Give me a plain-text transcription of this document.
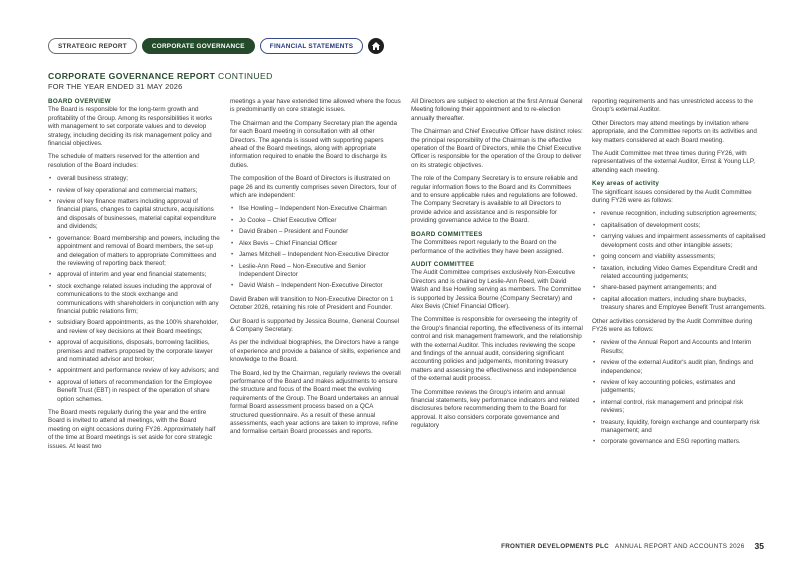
STRATEGIC REPORT	CORPORATE GOVERNANCE	FINANCIAL STATEMENTS
CORPORATE GOVERNANCE REPORT CONTINUED
FOR THE YEAR ENDED 31 MAY 2026
BOARD OVERVIEW

The Board is responsible for the long-term growth and profitability of the Group. Among its responsibilities it works with management to set corporate values and to develop strategy, including deciding its risk management policy and financial objectives.

The schedule of matters reserved for the attention and resolution of the Board includes:

• overall business strategy;
• review of key operational and commercial matters;
• review of key finance matters including approval of financial plans, changes to capital structure, acquisitions and disposals of businesses, material capital expenditure and dividends;
• governance: Board membership and powers, including the appointment and removal of Board members, the set-up and delegation of matters to appropriate Committees and the reviewing of reporting back thereof;
• approval of interim and year end financial statements;
• stock exchange related issues including the approval of communications to the stock exchange and communications with shareholders in conjunction with any financial public relations firm;
• subsidiary Board appointments, as the 100% shareholder, and review of key decisions at their Board meetings;
• approval of acquisitions, disposals, borrowing facilities, premises and matters proposed by the corporate lawyer and nominated advisor and broker;
• appointment and performance review of key advisors; and
• approval of letters of recommendation for the Employee Benefit Trust (EBT) in respect of the operation of share option schemes.

The Board meets regularly during the year and the entire Board is invited to attend all meetings, with the Board meeting on eight occasions during FY26. Approximately half of the time at Board meetings is set aside for core strategic issues. At least two

meetings a year have extended time allowed where the focus is predominantly on core strategic issues.

The Chairman and the Company Secretary plan the agenda for each Board meeting in consultation with all other Directors. The agenda is issued with supporting papers ahead of the Board meetings, along with appropriate information required to enable the Board to discharge its duties.

The composition of the Board of Directors is illustrated on page 26 and its currently comprises seven Directors, four of which are independent:

• Ilse Howling – Independent Non-Executive Chairman
• Jo Cooke – Chief Executive Officer
• David Braben – President and Founder
• Alex Bevis – Chief Financial Officer
• James Mitchell – Independent Non-Executive Director
• Leslie-Ann Reed – Non-Executive and Senior Independent Director
• David Walsh – Independent Non-Executive Director

David Braben will transition to Non-Executive Director on 1 October 2026, retaining his role of President and Founder.

Our Board is supported by Jessica Bourne, General Counsel & Company Secretary.

As per the individual biographies, the Directors have a range of experience and provide a balance of skills, experience and knowledge to the Board.

The Board, led by the Chairman, regularly reviews the overall performance of the Board and makes adjustments to ensure the structure and focus of the Board meet the evolving requirements of the Group. The Board undertakes an annual formal Board assessment process based on a QCA structured questionnaire. As a result of these annual assessments, each year actions are taken to improve, refine and formalise certain Board processes and reports.

All Directors are subject to election at the first Annual General Meeting following their appointment and to re-election annually thereafter.

The Chairman and Chief Executive Officer have distinct roles: the principal responsibility of the Chairman is the effective operation of the Board of Directors, while the Chief Executive Officer is responsible for the operation of the Group to deliver on its strategic objectives.

The role of the Company Secretary is to ensure reliable and regular information flows to the Board and its Committees and to ensure applicable rules and regulations are followed. The Company Secretary is available to all Directors to provide advice and assistance and is responsible for providing governance advice to the Board.

BOARD COMMITTEES

The Committees report regularly to the Board on the performance of the activities they have been assigned.

AUDIT COMMITTEE

The Audit Committee comprises exclusively Non-Executive Directors and is chaired by Leslie-Ann Reed, with David Walsh and Ilse Howling serving as members. The Committee is supported by Jessica Bourne (Company Secretary) and Alex Bevis (Chief Financial Officer).

The Committee is responsible for overseeing the integrity of the Group's financial reporting, the effectiveness of its internal control and risk management framework, and the relationship with the external Auditor. This includes reviewing the scope and findings of the annual audit, considering significant accounting policies and judgements, monitoring treasury matters and assessing the effectiveness and independence of the external audit process.

The Committee reviews the Group's interim and annual financial statements, key performance indicators and related disclosures before recommending them to the Board for approval. It also considers corporate governance and regulatory

reporting requirements and has unrestricted access to the Group's external Auditor.

Other Directors may attend meetings by invitation where appropriate, and the Committee reports on its activities and key matters considered at each Board meeting.

The Audit Committee met three times during FY26, with representatives of the external Auditor, Ernst & Young LLP, attending each meeting.

Key areas of activity

The significant issues considered by the Audit Committee during FY26 were as follows:

• revenue recognition, including subscription agreements;
• capitalisation of development costs;
• carrying values and impairment assessments of capitalised development costs and other intangible assets;
• going concern and viability assessments;
• taxation, including Video Games Expenditure Credit and related accounting judgements;
• share-based payment arrangements; and
• capital allocation matters, including share buybacks, treasury shares and Employee Benefit Trust arrangements.

Other activities considered by the Audit Committee during FY26 were as follows:

• review of the Annual Report and Accounts and Interim Results;
• review of the external Auditor's audit plan, findings and independence;
• review of key accounting policies, estimates and judgements;
• internal control, risk management and principal risk reviews;
• treasury, liquidity, foreign exchange and counterparty risk management; and
• corporate governance and ESG reporting matters.
FRONTIER DEVELOPMENTS PLC ANNUAL REPORT AND ACCOUNTS 2026 35
